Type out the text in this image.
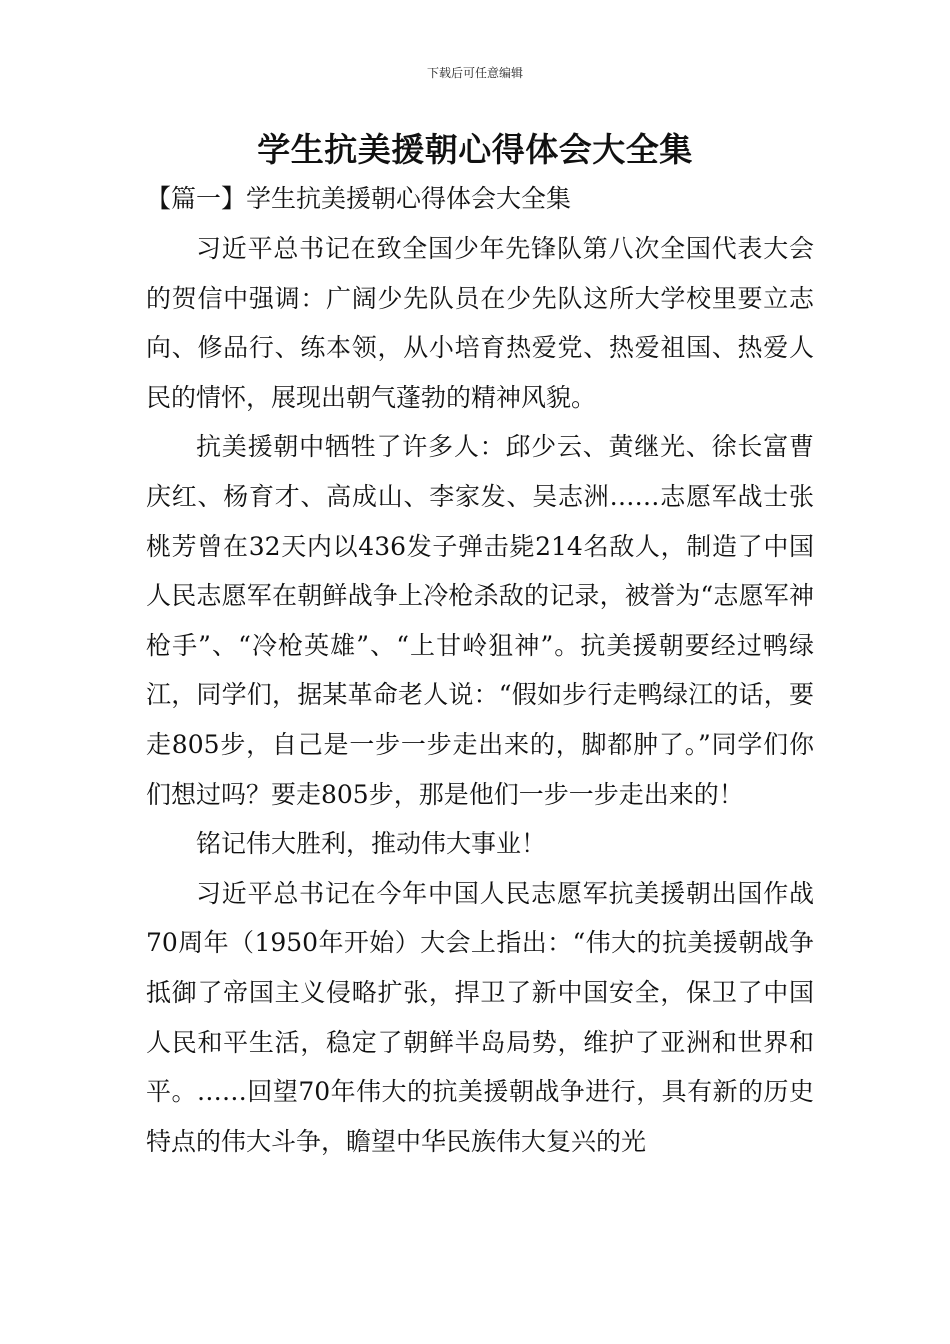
下载后可任意编辑
学生抗美援朝心得体会大全集
【篇一】学生抗美援朝心得体会大全集

习近平总书记在致全国少年先锋队第八次全国代表大会的贺信中强调：广阔少先队员在少先队这所大学校里要立志向、修品行、练本领，从小培育热爱党、热爱祖国、热爱人民的情怀，展现出朝气蓬勃的精神风貌。

抗美援朝中牺牲了许多人：邱少云、黄继光、徐长富曹庆红、杨育才、高成山、李家发、吴志洲……志愿军战士张桃芳曾在32天内以436发子弹击毙214名敌人，制造了中国人民志愿军在朝鲜战争上冷枪杀敌的记录，被誉为“志愿军神枪手”、“冷枪英雄”、“上甘岭狙神”。抗美援朝要经过鸭绿江，同学们，据某革命老人说：“假如步行走鸭绿江的话，要走805步，自己是一步一步走出来的，脚都肿了。”同学们你们想过吗？要走805步，那是他们一步一步走出来的！

铭记伟大胜利，推动伟大事业！

习近平总书记在今年中国人民志愿军抗美援朝出国作战70周年（1950年开始）大会上指出：“伟大的抗美援朝战争抵御了帝国主义侵略扩张，捍卫了新中国安全，保卫了中国人民和平生活，稳定了朝鲜半岛局势，维护了亚洲和世界和平。……回望70年伟大的抗美援朝战争进行，具有新的历史特点的伟大斗争，瞻望中华民族伟大复兴的光
